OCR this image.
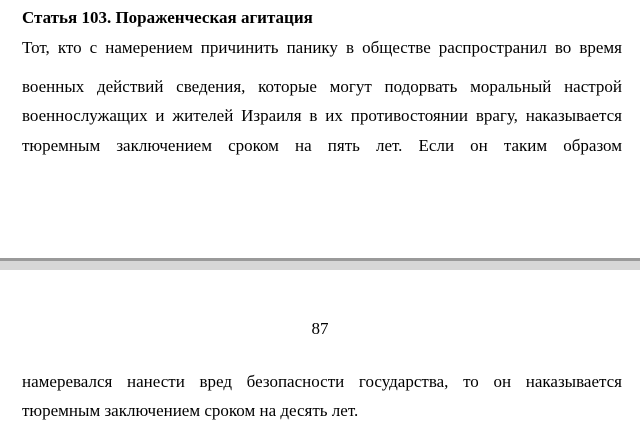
Статья 103. Пораженческая агитация
Тот, кто с намерением причинить панику в обществе распространил во время
военных действий сведения, которые могут подорвать моральный настрой
военнослужащих и жителей Израиля в их противостоянии врагу, наказывается
тюремным заключением сроком на пять лет. Если он таким образом
87
намеревался нанести вред безопасности государства, то он наказывается
тюремным заключением сроком на десять лет.
